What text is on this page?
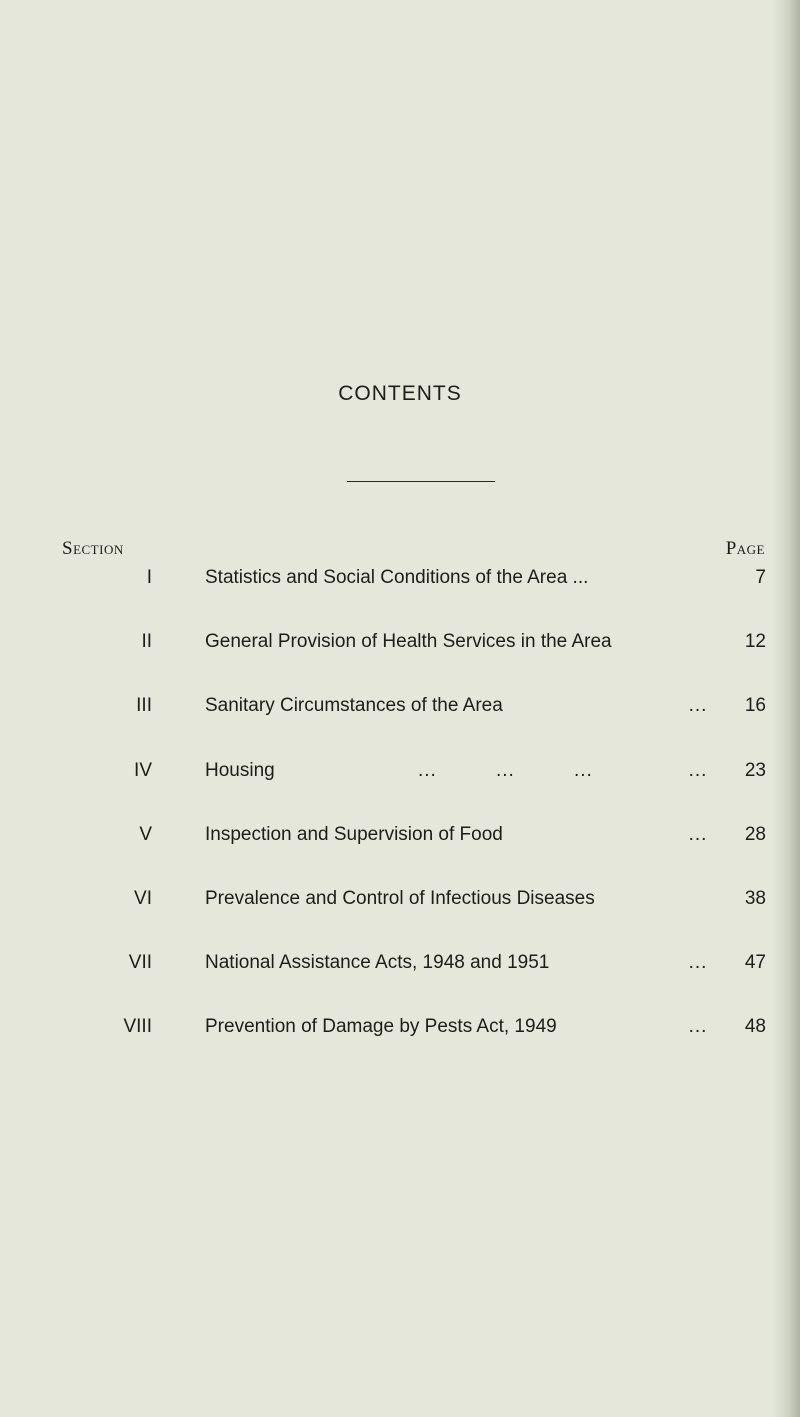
CONTENTS
Section	Page
I	Statistics and Social Conditions of the Area ...	7
II	General Provision of Health Services in the Area	12
III	Sanitary Circumstances of the Area	...	16
IV	Housing	...	...	...	...	23
V	Inspection and Supervision of Food	...	28
VI	Prevalence and Control of Infectious Diseases	38
VII	National Assistance Acts, 1948 and 1951	...	47
VIII	Prevention of Damage by Pests Act, 1949	...	48
